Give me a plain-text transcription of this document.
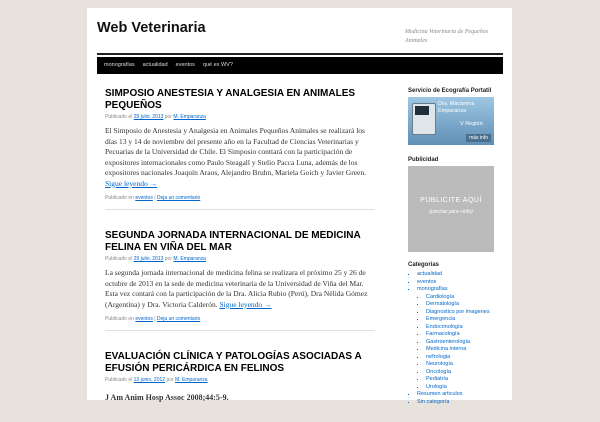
Web Veterinaria	Medicina Veterinaria de Pequeños Animales
monografías	actualidad	eventos	qué es WV?
SIMPOSIO ANESTESIA Y ANALGESIA EN ANIMALES PEQUEÑOS
Publicado el 29 julio, 2013 por M. Emparanza

El Simposio de Anestesia y Analgesia en Animales Pequeños Animales se realizará los días 13 y 14 de noviembre del presente año en la Facultad de Ciencias Veterinarias y Pecuarias de la Universidad de Chile. El Simposio conttará con la participación de expositores internacionales como Paulo Steagall y Stelio Pacca Luna, además de los expositores nacionales Joaquín Araos, Alejandro Bruhn, Mariela Goich y Javier Green. Sigue leyendo →

Publicado en eventos | Deja un comentario
SEGUNDA JORNADA INTERNACIONAL DE MEDICINA FELINA EN VIÑA DEL MAR
Publicado el 29 julio, 2013 por M. Emparanza

La segunda jornada internacional de medicina felina se realizara el próximo 25 y 26 de octubre de 2013 en la sede de medicina veterinaria de la Universidad de Viña del Mar. Esta vez contará con la participación de la Dra. Alicia Rubio (Perú), Dra Nélida Gómez (Argentina) y Dra. Victoria Calderón. Sigue leyendo →

Publicado en eventos | Deja un comentario
EVALUACIÓN CLÍNICA Y PATOLOGÍAS ASOCIADAS A EFUSIÓN PERICÁRDICA EN FELINOS
Publicado el 13 junio, 2012 por M. Emparanza
J Am Anim Hosp Assoc 2008;44:5-9.
Servicio de Ecografía Portatil
Dra. Macarena Emparanza
V Región
más info
Publicidad
PUBLICITE AQUÍ
(pinchar para +info)
Categorias
▪ actualidad
▪ eventos
▪ monografías
▪ Cardiología
▪ Dermatología
▪ Diagnostico por imagenes
▪ Emergencia
▪ Endocrinología
▪ Farmacología
▪ Gastroenterología
▪ Medicina interna
▪ nefrologia
▪ Neurología
▪ Oncología
▪ Pediatría
▪ Urología
▪ Resumen articulos
▪ Sin categoría
